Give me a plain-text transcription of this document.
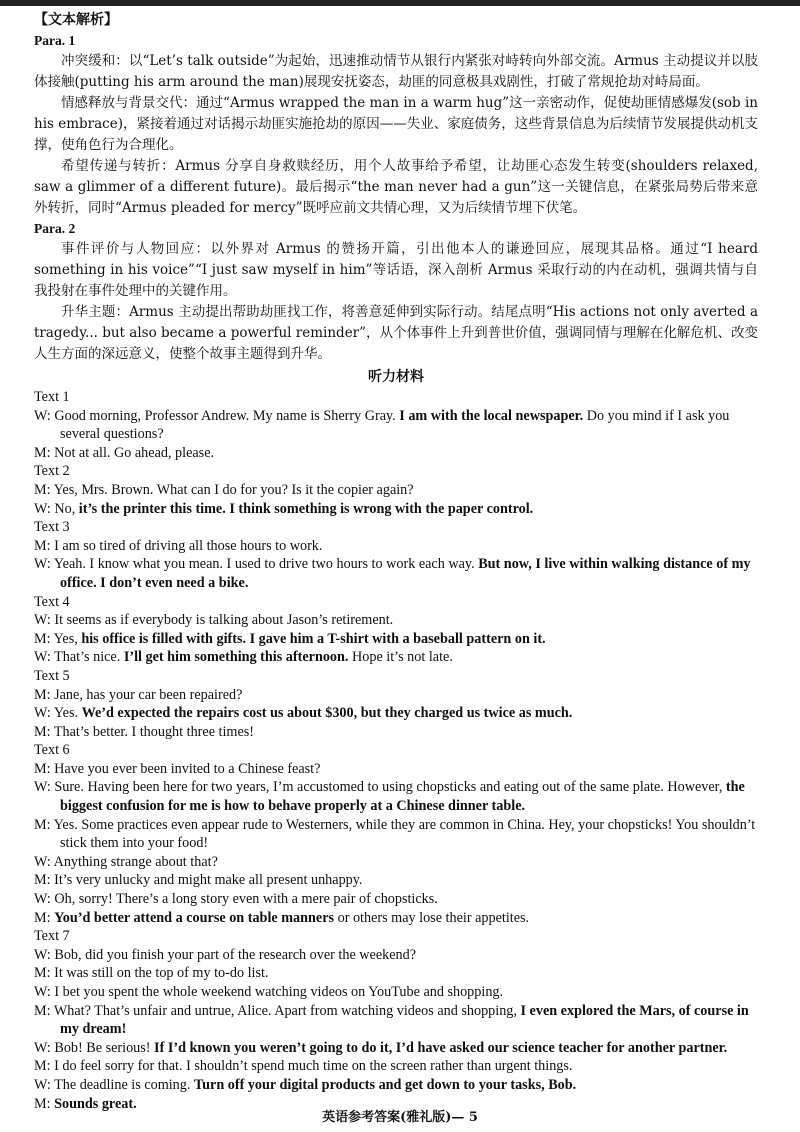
【文本解析】
Para. 1

冲突缓和：以“Let’s talk outside”为起始，迅速推动情节从银行内紧张对峙转向外部交流。Armus 主动提议并以肢体接触(putting his arm around the man)展现安抚姿态，劫匪的同意极具戏剧性，打破了常规抢劫对峙局面。

情感释放与背景交代：通过“Armus wrapped the man in a warm hug”这一亲密动作，促使劫匪情感爆发(sob in his embrace)，紧接着通过对话揭示劫匪实施抢劫的原因——失业、家庭债务，这些背景信息为后续情节发展提供动机支撑，使角色行为合理化。

希望传递与转折：Armus 分享自身救赎经历，用个人故事给予希望，让劫匪心态发生转变(shoulders relaxed, saw a glimmer of a different future)。最后揭示“the man never had a gun”这一关键信息，在紧张局势后带来意外转折，同时“Armus pleaded for mercy”既呼应前文共情心理，又为后续情节埋下伏笔。

Para. 2

事件评价与人物回应：以外界对 Armus 的赞扬开篇，引出他本人的谦逊回应，展现其品格。通过“I heard something in his voice”“I just saw myself in him”等话语，深入剖析 Armus 采取行动的内在动机，强调共情与自我投射在事件处理中的关键作用。

升华主题：Armus 主动提出帮助劫匪找工作，将善意延伸到实际行动。结尾点明“His actions not only averted a tragedy... but also became a powerful reminder”，从个体事件上升到普世价值，强调同情与理解在化解危机、改变人生方面的深远意义，使整个故事主题得到升华。

听力材料
Text 1
W: Good morning, Professor Andrew. My name is Sherry Gray. I am with the local newspaper. Do you mind if I ask you several questions?
M: Not at all. Go ahead, please.
Text 2
M: Yes, Mrs. Brown. What can I do for you? Is it the copier again?
W: No, it’s the printer this time. I think something is wrong with the paper control.
Text 3
M: I am so tired of driving all those hours to work.
W: Yeah. I know what you mean. I used to drive two hours to work each way. But now, I live within walking distance of my office. I don’t even need a bike.
Text 4
W: It seems as if everybody is talking about Jason’s retirement.
M: Yes, his office is filled with gifts. I gave him a T-shirt with a baseball pattern on it.
W: That’s nice. I’ll get him something this afternoon. Hope it’s not late.
Text 5
M: Jane, has your car been repaired?
W: Yes. We’d expected the repairs cost us about $300, but they charged us twice as much.
M: That’s better. I thought three times!
Text 6
M: Have you ever been invited to a Chinese feast?
W: Sure. Having been here for two years, I’m accustomed to using chopsticks and eating out of the same plate. However, the biggest confusion for me is how to behave properly at a Chinese dinner table.
M: Yes. Some practices even appear rude to Westerners, while they are common in China. Hey, your chopsticks! You shouldn’t stick them into your food!
W: Anything strange about that?
M: It’s very unlucky and might make all present unhappy.
W: Oh, sorry! There’s a long story even with a mere pair of chopsticks.
M: You’d better attend a course on table manners or others may lose their appetites.
Text 7
W: Bob, did you finish your part of the research over the weekend?
M: It was still on the top of my to-do list.
W: I bet you spent the whole weekend watching videos on YouTube and shopping.
M: What? That’s unfair and untrue, Alice. Apart from watching videos and shopping, I even explored the Mars, of course in my dream!
W: Bob! Be serious! If I’d known you weren’t going to do it, I’d have asked our science teacher for another partner.
M: I do feel sorry for that. I shouldn’t spend much time on the screen rather than urgent things.
W: The deadline is coming. Turn off your digital products and get down to your tasks, Bob.
M: Sounds great.
英语参考答案(雅礼版)— 5
